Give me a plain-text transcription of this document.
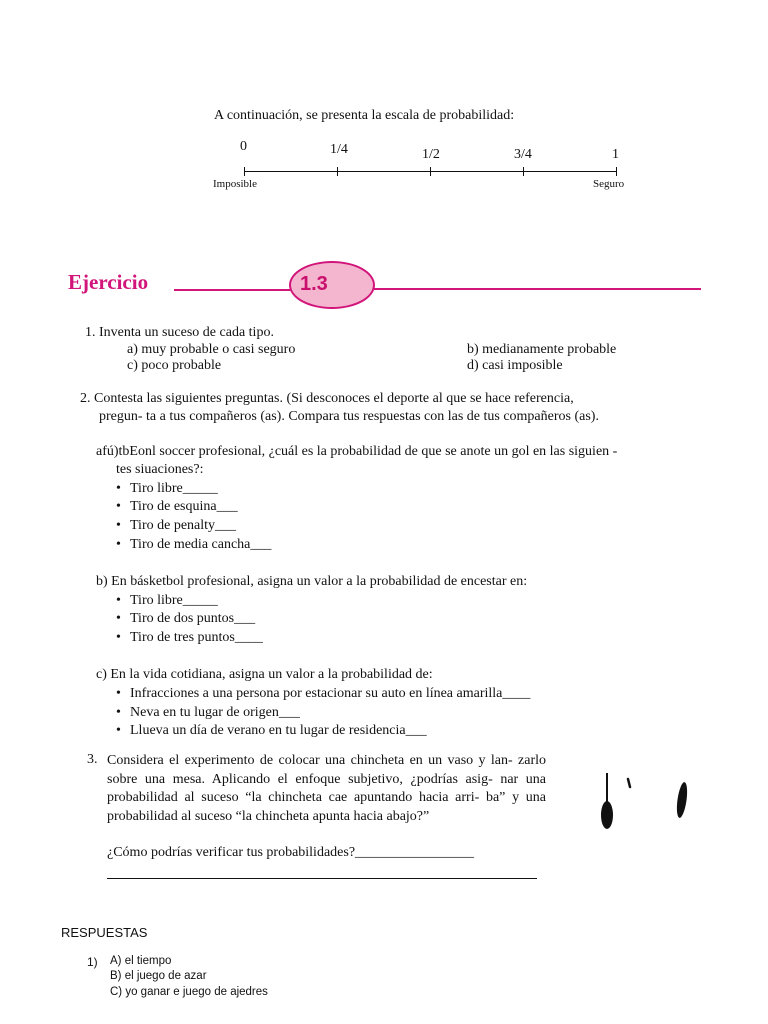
A continuación, se presenta la escala de probabilidad:
0	1/4	1/2	3/4	1
Imposible	Seguro
Ejercicio	1.3
1. Inventa un suceso de cada tipo.
a) muy probable o casi seguro	b) medianamente probable
c) poco probable	d) casi imposible
2. Contesta las siguientes preguntas. (Si desconoces el deporte al que se hace referencia,
pregun- ta a tus compañeros (as). Compara tus respuestas con las de tus compañeros (as).
afú)tbEonl soccer profesional, ¿cuál es la probabilidad de que se anote un gol en las siguien -
tes siuaciones?:
• Tiro libre_____
• Tiro de esquina___
• Tiro de penalty___
• Tiro de media cancha___
b) En básketbol profesional, asigna un valor a la probabilidad de encestar en:
• Tiro libre_____
• Tiro de dos puntos___
• Tiro de tres puntos____
c) En la vida cotidiana, asigna un valor a la probabilidad de:
• Infracciones a una persona por estacionar su auto en línea amarilla____
• Neva en tu lugar de origen___
• Llueva un día de verano en tu lugar de residencia___
3. Considera el experimento de colocar una chincheta en un vaso y lan- zarlo sobre una mesa. Aplicando el enfoque subjetivo, ¿podrías asig- nar una probabilidad al suceso “la chincheta cae apuntando hacia arri- ba” y una probabilidad al suceso “la chincheta apunta hacia abajo?”
¿Cómo podrías verificar tus probabilidades?_________________
RESPUESTAS
1) A) el tiempo
B) el juego de azar
C) yo ganar e juego de ajedres
